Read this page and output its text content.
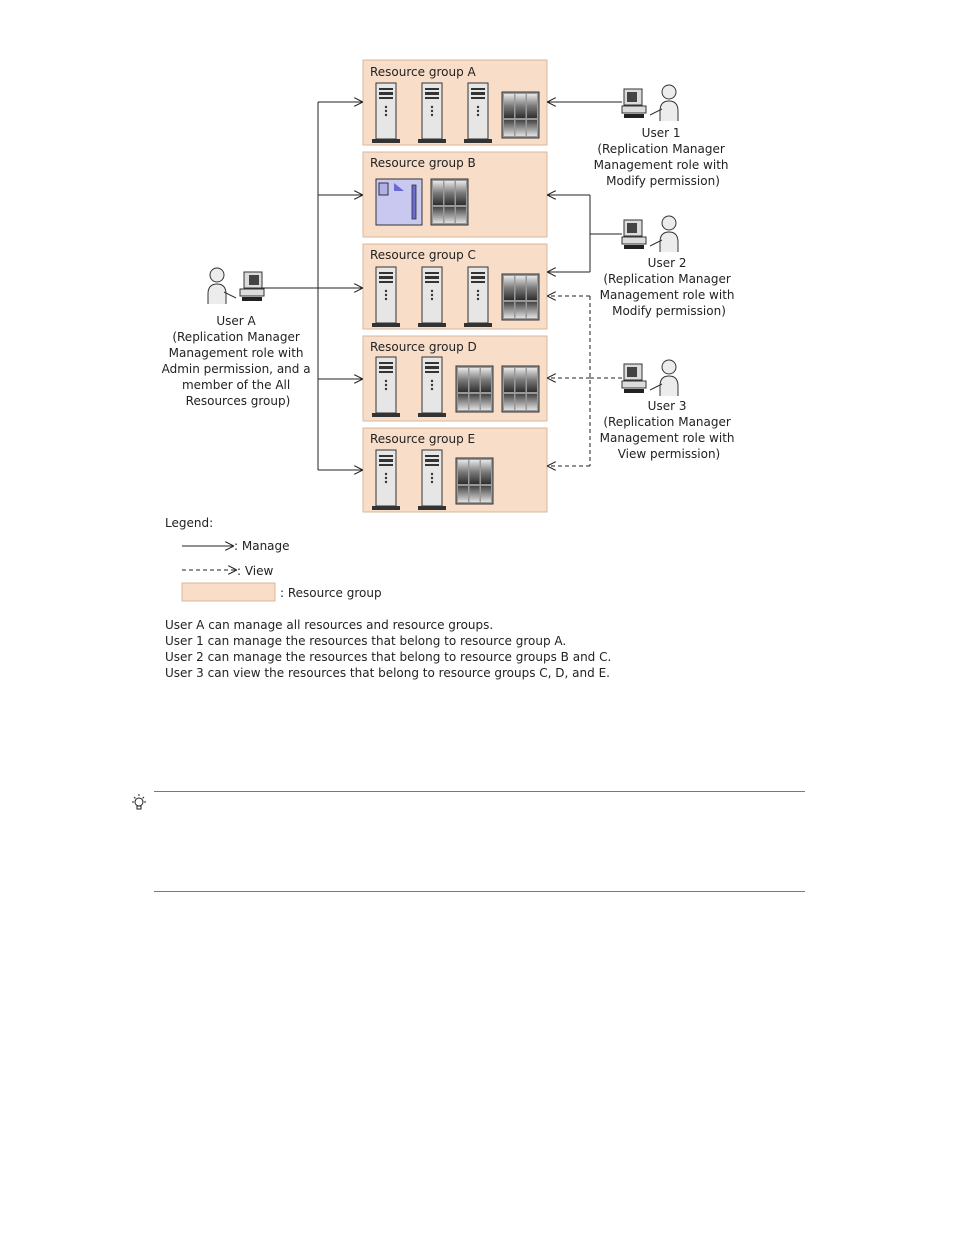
Resource group A
Resource group B
Resource group C
Resource group D
Resource group E
User A (Replication Manager Management role with Admin permission, and a member of the All Resources group)
User 1 (Replication Manager Management role with Modify permission)
User 2 (Replication Manager Management role with Modify permission)
User 3 (Replication Manager Management role with View permission)
Legend:
: Manage
: View
: Resource group
User A can manage all resources and resource groups.
User 1 can manage the resources that belong to resource group A.
User 2 can manage the resources that belong to resource groups B and C.
User 3 can view the resources that belong to resource groups C, D, and E.
